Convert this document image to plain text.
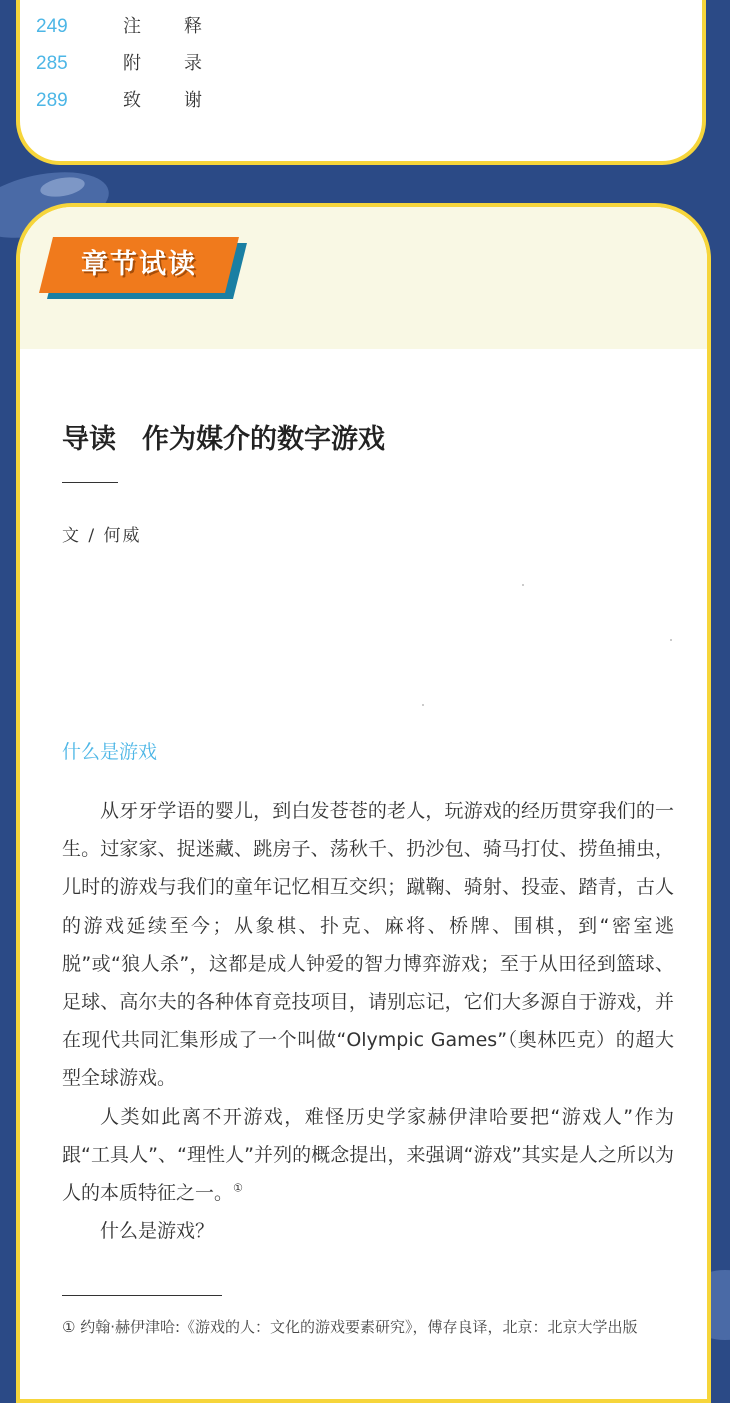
249	注 释
285	附 录
289	致 谢
章节试读
导读 作为媒介的数字游戏
文 / 何威
什么是游戏

从牙牙学语的婴儿，到白发苍苍的老人，玩游戏的经历贯穿我们的一生。过家家、捉迷藏、跳房子、荡秋千、扔沙包、骑马打仗、捞鱼捕虫，儿时的游戏与我们的童年记忆相互交织；蹴鞠、骑射、投壶、踏青，古人的游戏延续至今；从象棋、扑克、麻将、桥牌、围棋，到“密室逃脱”或“狼人杀”，这都是成人钟爱的智力博弈游戏；至于从田径到篮球、足球、高尔夫的各种体育竞技项目，请别忘记，它们大多源自于游戏，并在现代共同汇集形成了一个叫做“Olympic Games”（奥林匹克）的超大型全球游戏。

人类如此离不开游戏，难怪历史学家赫伊津哈要把“游戏人”作为跟“工具人”、“理性人”并列的概念提出，来强调“游戏”其实是人之所以为人的本质特征之一。①

什么是游戏？

① 约翰·赫伊津哈:《游戏的人：文化的游戏要素研究》，傅存良译，北京：北京大学出版
